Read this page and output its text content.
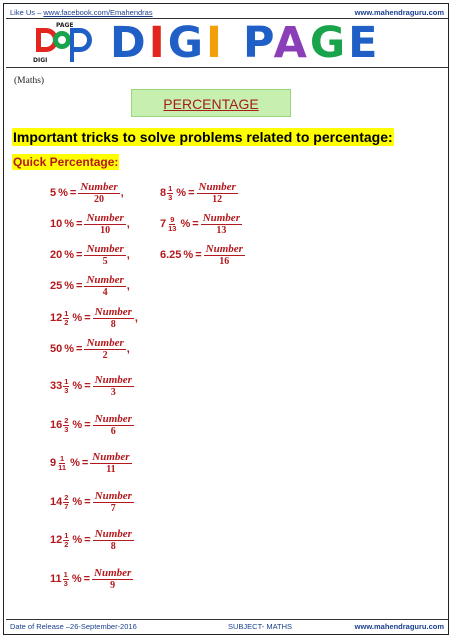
Like Us – www.facebook.com/Emahendras	www.mahendraguru.com
PAGE
DIGI DIGI PAGE
(Maths)
PERCENTAGE
Important tricks to solve problems related to percentage:
Quick Percentage:
5 % = $\frac{\text{Number}}{20}$ ,
10 % = $\frac{\text{Number}}{10}$ ,
20 % = $\frac{\text{Number}}{5}$ ,
25 % = $\frac{\text{Number}}{4}$ ,
$12 \frac{1}{2}$ % = $\frac{\text{Number}}{8}$ ,
50 % = $\frac{\text{Number}}{2}$ ,
$33 \frac{1}{3}$ % = $\frac{\text{Number}}{3}$
$16 \frac{2}{3}$ % = $\frac{\text{Number}}{6}$
$9 \frac{1}{11}$ % = $\frac{\text{Number}}{11}$
$14 \frac{2}{7}$ % = $\frac{\text{Number}}{7}$
$12 \frac{1}{2}$ % = $\frac{\text{Number}}{8}$
$11 \frac{1}{3}$ % = $\frac{\text{Number}}{9}$
$8 \frac{1}{3}$ % = $\frac{\text{Number}}{12}$
$7 \frac{9}{13}$ % = $\frac{\text{Number}}{13}$
6.25 % = $\frac{\text{Number}}{16}$
Date of Release –26-September-2016	SUBJECT- MATHS	www.mahendraguru.com
